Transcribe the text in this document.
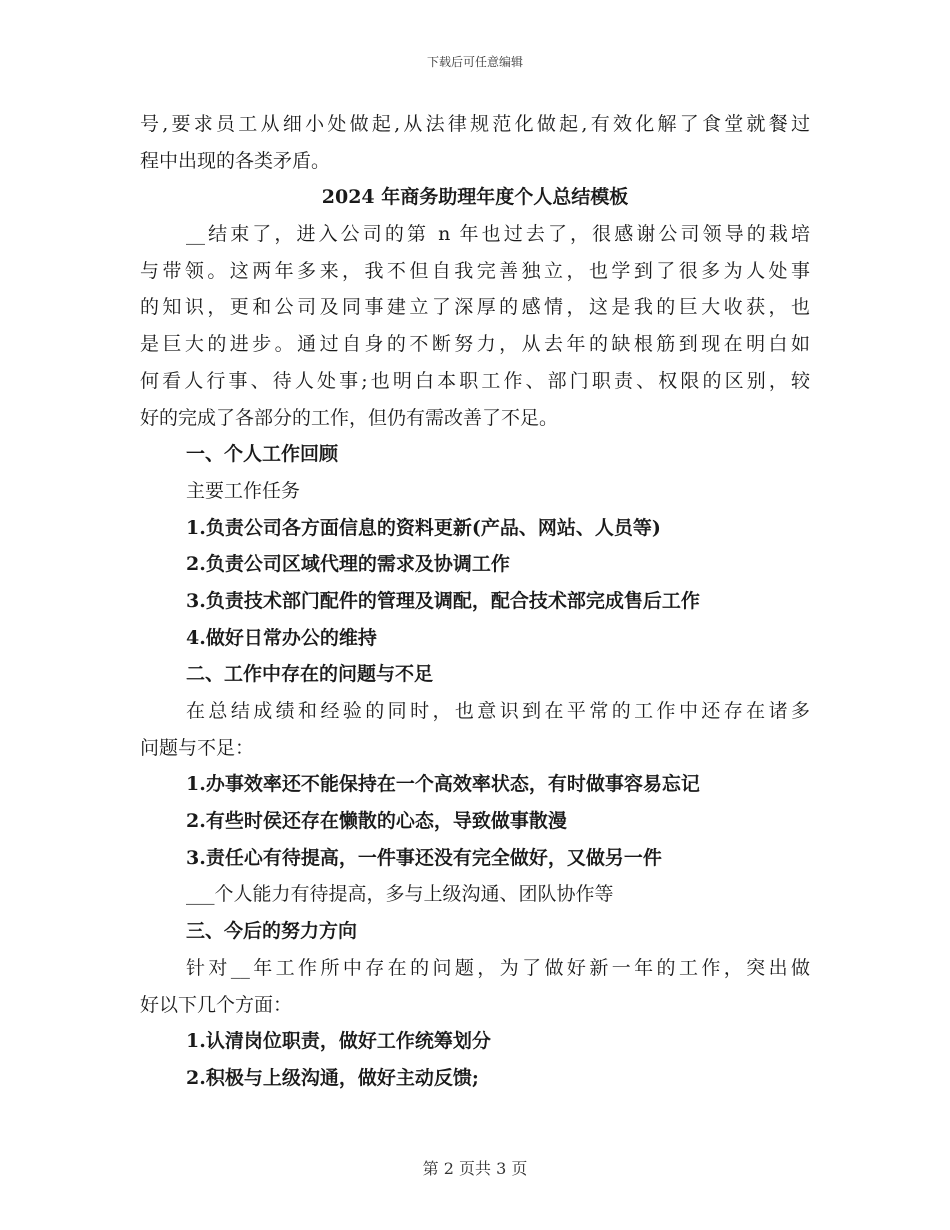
下载后可任意编辑
号,要求员工从细小处做起,从法律规范化做起,有效化解了食堂就餐过
程中出现的各类矛盾。
2024 年商务助理年度个人总结模板
__结束了，进入公司的第 n 年也过去了，很感谢公司领导的栽培
与带领。这两年多来，我不但自我完善独立，也学到了很多为人处事
的知识，更和公司及同事建立了深厚的感情，这是我的巨大收获，也
是巨大的进步。通过自身的不断努力，从去年的缺根筋到现在明白如
何看人行事、待人处事;也明白本职工作、部门职责、权限的区别，较
好的完成了各部分的工作，但仍有需改善了不足。
一、个人工作回顾
主要工作任务
1.负责公司各方面信息的资料更新(产品、网站、人员等)
2.负责公司区域代理的需求及协调工作
3.负责技术部门配件的管理及调配，配合技术部完成售后工作
4.做好日常办公的维持
二、工作中存在的问题与不足
在总结成绩和经验的同时，也意识到在平常的工作中还存在诸多
问题与不足：
1.办事效率还不能保持在一个高效率状态，有时做事容易忘记
2.有些时侯还存在懒散的心态，导致做事散漫
3.责任心有待提高，一件事还没有完全做好，又做另一件
___个人能力有待提高，多与上级沟通、团队协作等
三、今后的努力方向
针对__年工作所中存在的问题，为了做好新一年的工作，突出做
好以下几个方面：
1.认清岗位职责，做好工作统筹划分
2.积极与上级沟通，做好主动反馈;
第 2 页共 3 页
